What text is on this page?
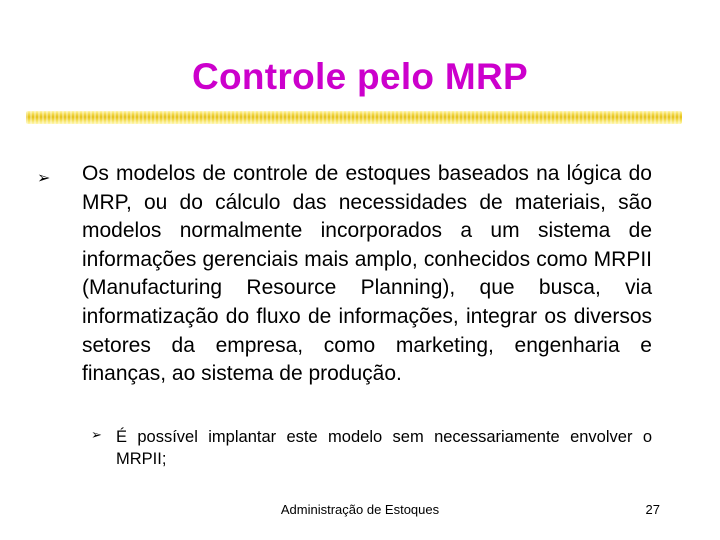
Controle pelo MRP
➢ Os modelos de controle de estoques baseados na lógica do MRP, ou do cálculo das necessidades de materiais, são modelos normalmente incorporados a um sistema de informações gerenciais mais amplo, conhecidos como MRPII (Manufacturing Resource Planning), que busca, via informatização do fluxo de informações, integrar os diversos setores da empresa, como marketing, engenharia e finanças, ao sistema de produção.
➢ É possível implantar este modelo sem necessariamente envolver o MRPII;
Administração de Estoques	27
